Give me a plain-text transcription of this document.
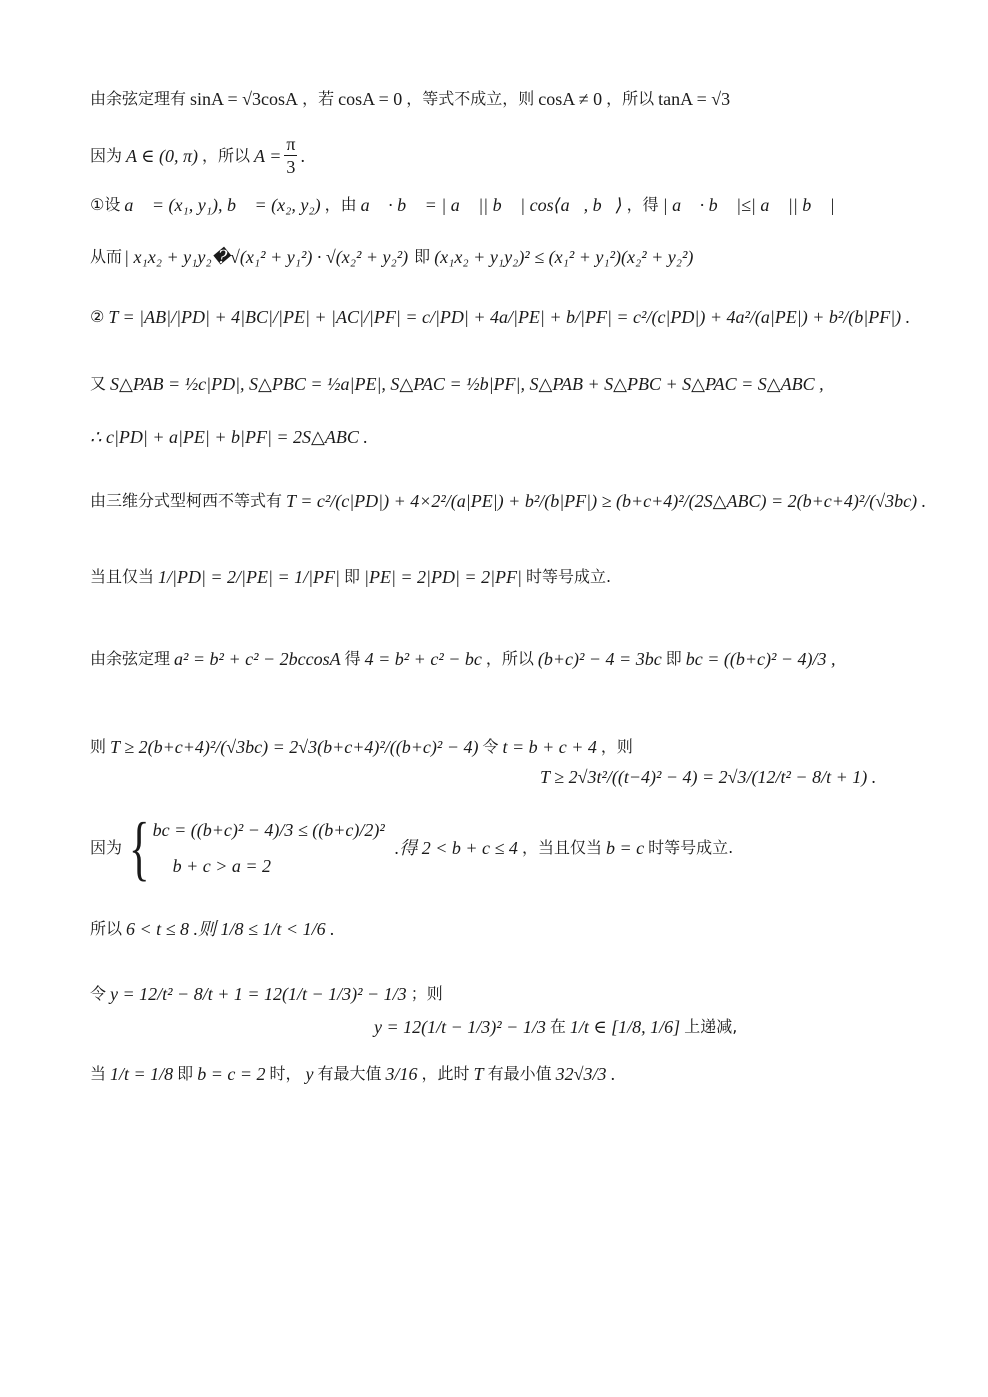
由余弦定理有 sinA = √3cosA ，若 cosA = 0 ，等式不成立，则 cosA ≠ 0 ，所以 tanA = √3
因为 A ∈ (0, π) ，所以 $A = \frac{\pi}{3}$ .
①设 a⃗ = (x₁, y₁), b⃗ = (x₂, y₂) ，由 a⃗ · b⃗ = | a⃗ || b⃗ | cos⟨a⃗, b⃗⟩ ，得 | a⃗ · b⃗ |≤| a⃗ || b⃗ |
从而 | x₁x₂ + y₁y₂�√(x₁² + y₁²) · √(x₂² + y₂²) 即 (x₁x₂ + y₁y₂)² ≤ (x₁² + y₁²)(x₂² + y₂²)
② T = |AB|/|PD| + 4|BC|/|PE| + |AC|/|PF| = c/|PD| + 4a/|PE| + b/|PF| = c²/(c|PD|) + 4a²/(a|PE|) + b²/(b|PF|) .
又 S△PAB = ½c|PD|, S△PBC = ½a|PE|, S△PAC = ½b|PF|, S△PAB + S△PBC + S△PAC = S△ABC ,
∴ c|PD| + a|PE| + b|PF| = 2S△ABC .
由三维分式型柯西不等式有 T = c²/(c|PD|) + 4×2²/(a|PE|) + b²/(b|PF|) ≥ (b+c+4)²/(2S△ABC) = 2(b+c+4)²/(√3bc) .
当且仅当 1/|PD| = 2/|PE| = 1/|PF| 即 |PE| = 2|PD| = 2|PF| 时等号成立.
由余弦定理 a² = b² + c² − 2bccosA 得 4 = b² + c² − bc ，所以 (b+c)² − 4 = 3bc 即 bc = ((b+c)² − 4)/3 ,
则 T ≥ 2(b+c+4)²/(√3bc) = 2√3(b+c+4)²/((b+c)² − 4) 令 t = b + c + 4 ，则
T ≥ 2√3t²/((t−4)² − 4) = 2√3/(12/t² − 8/t + 1) .
因为 { bc = ((b+c)² − 4)/3 ≤ ((b+c)/2)²
b + c > a = 2
.得 2 < b + c ≤ 4 ，当且仅当 b = c 时等号成立.
所以 6 < t ≤ 8 .则 1/8 ≤ 1/t < 1/6 .
令 y = 12/t² − 8/t + 1 = 12(1/t − 1/3)² − 1/3 ；则
y = 12(1/t − 1/3)² − 1/3 在 1/t ∈ [1/8, 1/6] 上递减,
当 1/t = 1/8 即 b = c = 2 时， y 有最大值 3/16 ，此时 T 有最小值 32√3/3 .
